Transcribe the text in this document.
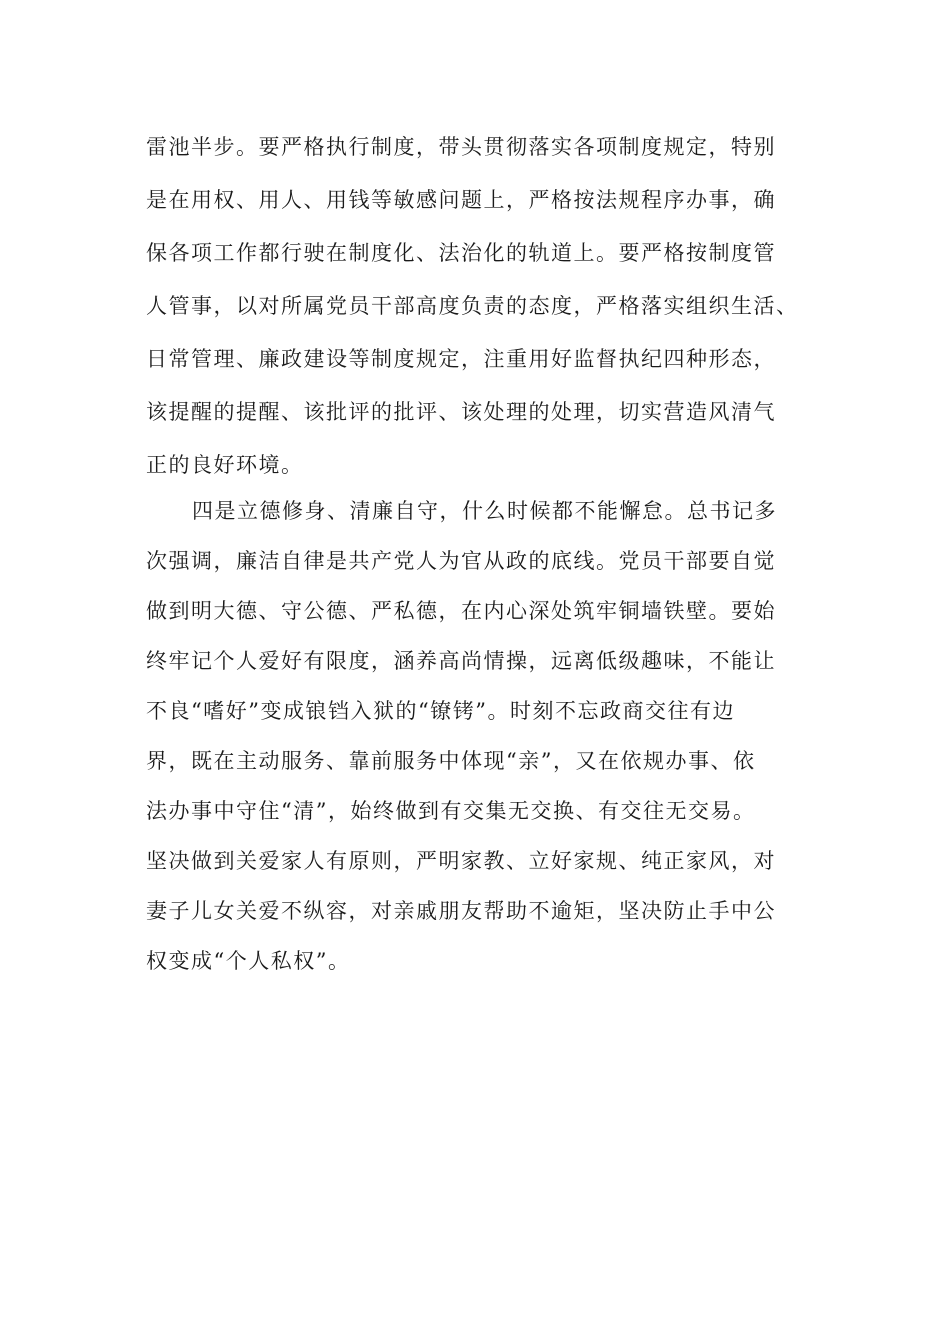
雷池半步。要严格执行制度，带头贯彻落实各项制度规定，特别
是在用权、用人、用钱等敏感问题上，严格按法规程序办事，确
保各项工作都行驶在制度化、法治化的轨道上。要严格按制度管
人管事，以对所属党员干部高度负责的态度，严格落实组织生活、
日常管理、廉政建设等制度规定，注重用好监督执纪四种形态，
该提醒的提醒、该批评的批评、该处理的处理，切实营造风清气
正的良好环境。
四是立德修身、清廉自守，什么时候都不能懈怠。总书记多
次强调，廉洁自律是共产党人为官从政的底线。党员干部要自觉
做到明大德、守公德、严私德，在内心深处筑牢铜墙铁壁。要始
终牢记个人爱好有限度，涵养高尚情操，远离低级趣味，不能让
不良“嗜好”变成锒铛入狱的“镣铐”。时刻不忘政商交往有边
界，既在主动服务、靠前服务中体现“亲”，又在依规办事、依
法办事中守住“清”，始终做到有交集无交换、有交往无交易。
坚决做到关爱家人有原则，严明家教、立好家规、纯正家风，对
妻子儿女关爱不纵容，对亲戚朋友帮助不逾矩，坚决防止手中公
权变成“个人私权”。
